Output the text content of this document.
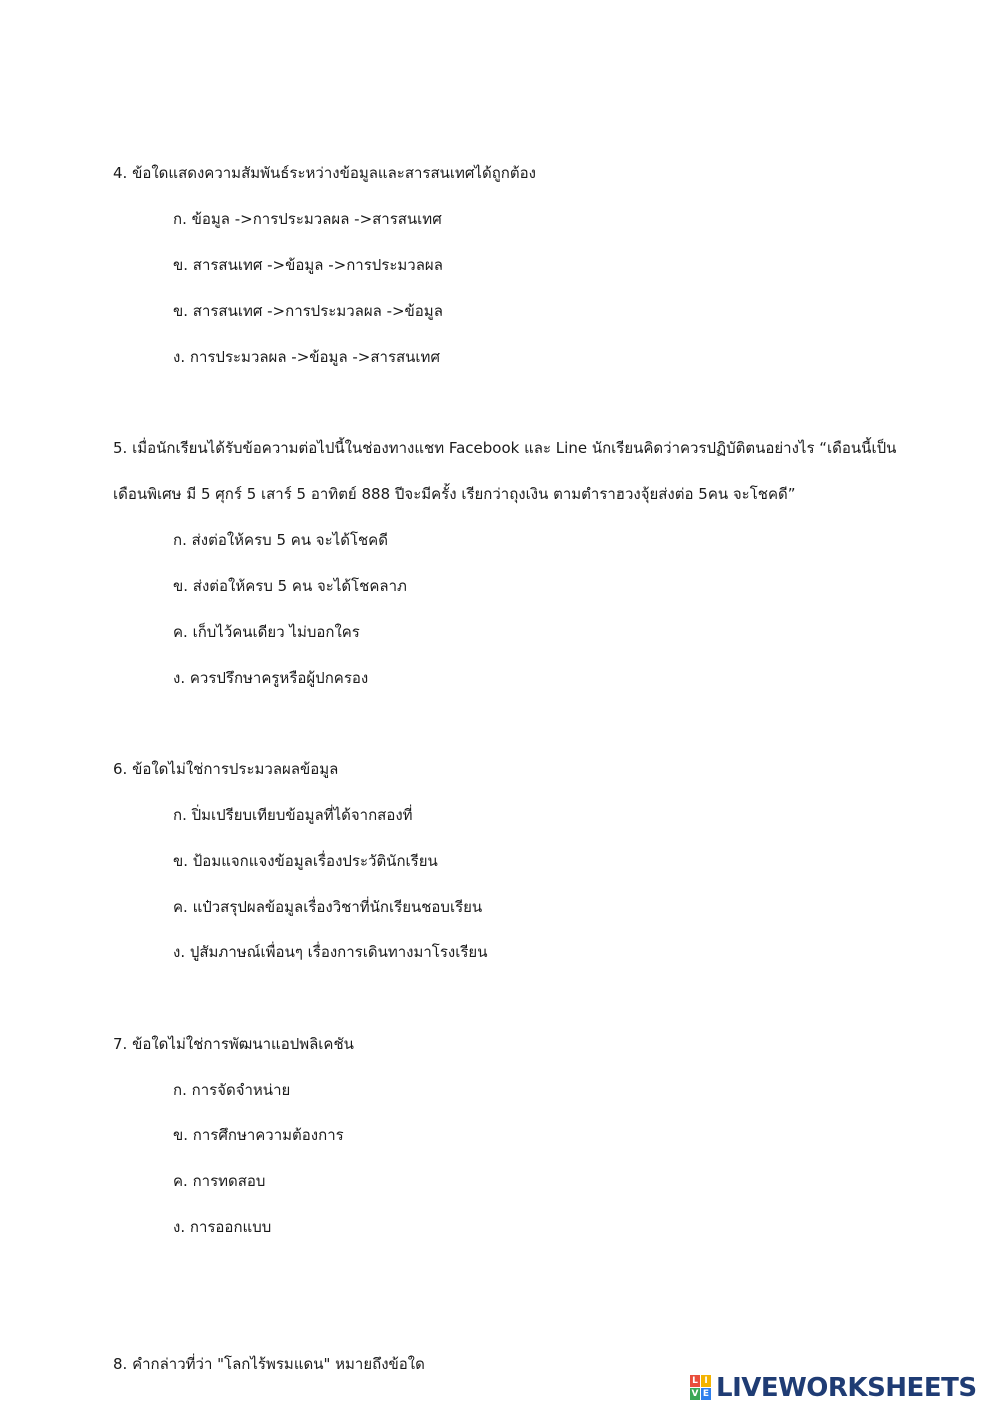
4. ข้อใดแสดงความสัมพันธ์ระหว่างข้อมูลและสารสนเทศได้ถูกต้อง
ก. ข้อมูล ->การประมวลผล ->สารสนเทศ
ข. สารสนเทศ ->ข้อมูล ->การประมวลผล
ข. สารสนเทศ ->การประมวลผล ->ข้อมูล
ง. การประมวลผล ->ข้อมูล ->สารสนเทศ
5. เมื่อนักเรียนได้รับข้อความต่อไปนี้ในช่องทางแชท Facebook และ Line นักเรียนคิดว่าควรปฏิบัติตนอย่างไร “เดือนนี้เป็น
เดือนพิเศษ มี 5 ศุกร์ 5 เสาร์ 5 อาทิตย์ 888 ปีจะมีครั้ง เรียกว่าถุงเงิน ตามตำราฮวงจุ้ยส่งต่อ 5คน จะโชคดี”
ก. ส่งต่อให้ครบ 5 คน จะได้โชคดี
ข. ส่งต่อให้ครบ 5 คน จะได้โชคลาภ
ค. เก็บไว้คนเดียว ไม่บอกใคร
ง. ควรปรึกษาครูหรือผู้ปกครอง
6. ข้อใดไม่ใช่การประมวลผลข้อมูล
ก. ปิ่มเปรียบเทียบข้อมูลที่ได้จากสองที่
ข. ป้อมแจกแจงข้อมูลเรื่องประวัตินักเรียน
ค. แป๋วสรุปผลข้อมูลเรื่องวิชาที่นักเรียนชอบเรียน
ง. ปูสัมภาษณ์เพื่อนๆ เรื่องการเดินทางมาโรงเรียน
7. ข้อใดไม่ใช่การพัฒนาแอปพลิเคชัน
ก. การจัดจำหน่าย
ข. การศึกษาความต้องการ
ค. การทดสอบ
ง. การออกแบบ
8. คำกล่าวที่ว่า "โลกไร้พรมแดน" หมายถึงข้อใด
L I
V E LIVEWORKSHEETS
